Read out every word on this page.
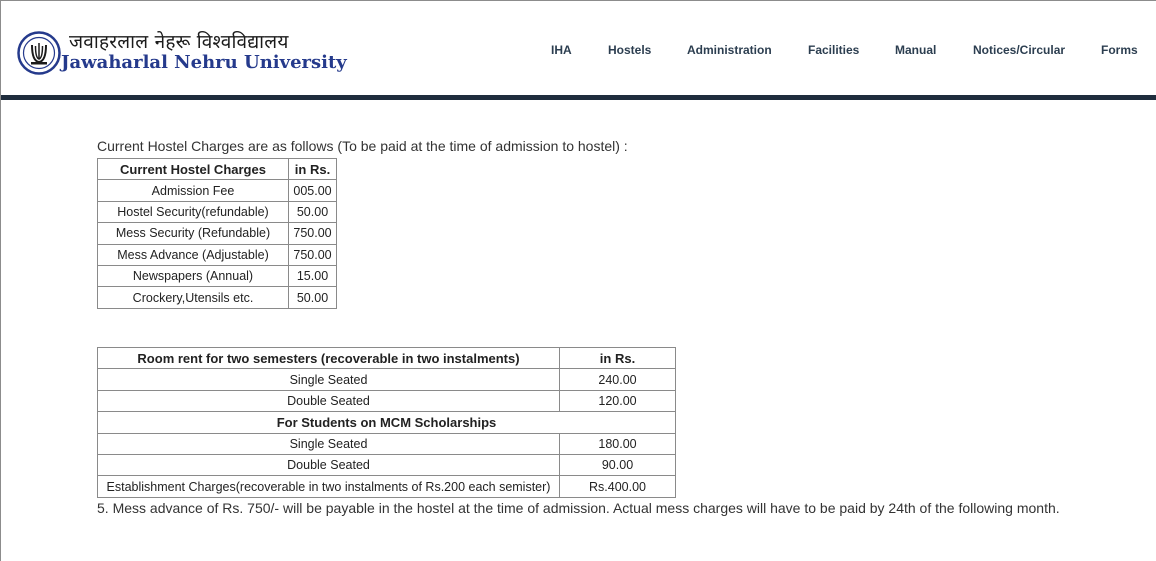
जवाहरलाल नेहरू विश्वविद्यालय
Jawaharlal Nehru University
IHA	Hostels	Administration	Facilities	Manual	Notices/Circular	Forms
Current Hostel Charges are as follows (To be paid at the time of admission to hostel) :
Current Hostel Charges	in Rs.
Admission Fee	005.00
Hostel Security(refundable)	50.00
Mess Security (Refundable)	750.00
Mess Advance (Adjustable)	750.00
Newspapers (Annual)	15.00
Crockery,Utensils etc.	50.00
Room rent for two semesters (recoverable in two instalments)	in Rs.
Single Seated	240.00
Double Seated	120.00
For Students on MCM Scholarships	
Single Seated	180.00
Double Seated	90.00
Establishment Charges(recoverable in two instalments of Rs.200 each semister)	Rs.400.00
5. Mess advance of Rs. 750/- will be payable in the hostel at the time of admission. Actual mess charges will have to be paid by 24th of the following month.
